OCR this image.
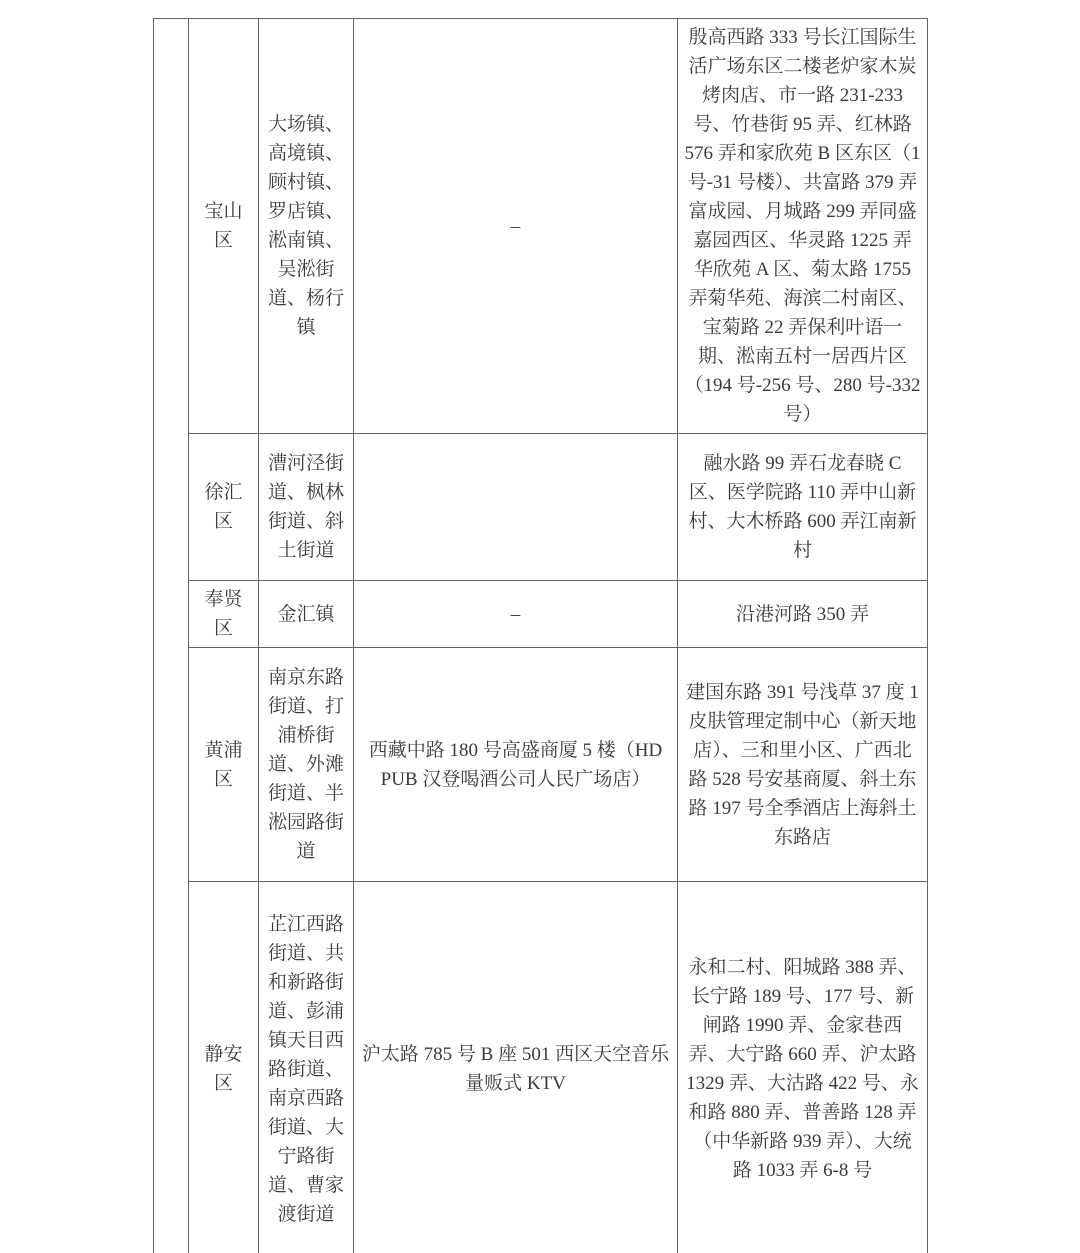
	宝山区	大场镇、高境镇、顾村镇、罗店镇、淞南镇、吴淞街道、杨行镇	–	殷高西路 333 号长江国际生活广场东区二楼老炉家木炭烤肉店、市一路 231-233 号、竹巷街 95 弄、红林路 576 弄和家欣苑 B 区东区（1 号-31 号楼）、共富路 379 弄富成园、月城路 299 弄同盛嘉园西区、华灵路 1225 弄华欣苑 A 区、菊太路 1755 弄菊华苑、海滨二村南区、宝菊路 22 弄保利叶语一期、淞南五村一居西片区（194 号-256 号、280 号-332 号）
	徐汇区	漕河泾街道、枫林街道、斜土街道		融水路 99 弄石龙春晓 C 区、医学院路 110 弄中山新村、大木桥路 600 弄江南新村
	奉贤区	金汇镇	–	沿港河路 350 弄
	黄浦区	南京东路街道、打浦桥街道、外滩街道、半淞园路街道	西藏中路 180 号高盛商厦 5 楼（HD PUB 汉登喝酒公司人民广场店）	建国东路 391 号浅草 37 度 1 皮肤管理定制中心（新天地店）、三和里小区、广西北路 528 号安基商厦、斜土东路 197 号全季酒店上海斜土东路店
	静安区	芷江西路街道、共和新路街道、彭浦镇天目西路街道、南京西路街道、大宁路街道、曹家渡街道	沪太路 785 号 B 座 501 西区天空音乐量贩式 KTV	永和二村、阳城路 388 弄、长宁路 189 号、177 号、新闸路 1990 弄、金家巷西弄、大宁路 660 弄、沪太路 1329 弄、大沽路 422 号、永和路 880 弄、普善路 128 弄（中华新路 939 弄）、大统路 1033 弄 6-8 号
